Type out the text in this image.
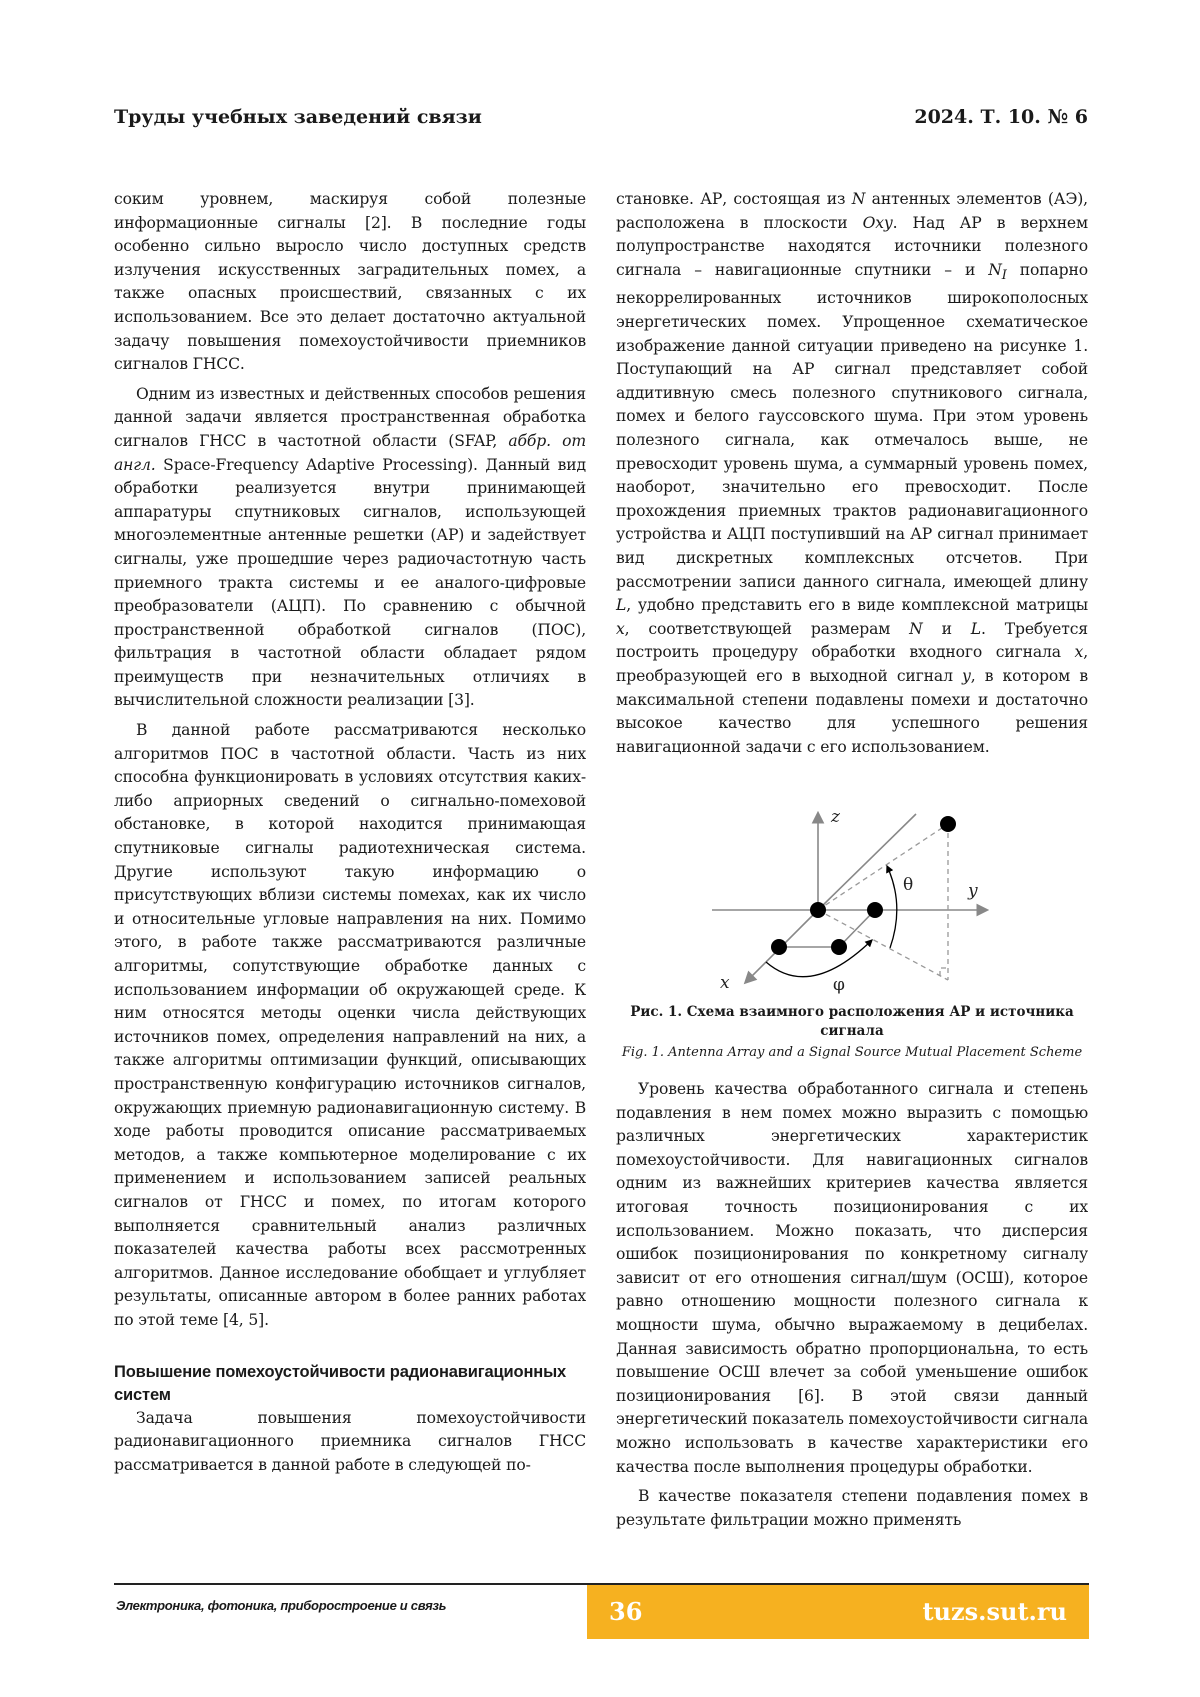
Труды учебных заведений связи	2024. Т. 10. № 6

соким уровнем, маскируя собой полезные информационные сигналы [2]. В последние годы особенно сильно выросло число доступных средств излучения искусственных заградительных помех, а также опасных происшествий, связанных с их использованием. Все это делает достаточно актуальной задачу повышения помехоустойчивости приемников сигналов ГНСС.

Одним из известных и действенных способов решения данной задачи является пространственная обработка сигналов ГНСС в частотной области (SFAP, аббр. от англ. Space-Frequency Adaptive Processing). Данный вид обработки реализуется внутри принимающей аппаратуры спутниковых сигналов, использующей многоэлементные антенные решетки (АР) и задействует сигналы, уже прошедшие через радиочастотную часть приемного тракта системы и ее аналого-цифровые преобразователи (АЦП). По сравнению с обычной пространственной обработкой сигналов (ПОС), фильтрация в частотной области обладает рядом преимуществ при незначительных отличиях в вычислительной сложности реализации [3].

В данной работе рассматриваются несколько алгоритмов ПОС в частотной области. Часть из них способна функционировать в условиях отсутствия каких-либо априорных сведений о сигнально-помеховой обстановке, в которой находится принимающая спутниковые сигналы радиотехническая система. Другие используют такую информацию о присутствующих вблизи системы помехах, как их число и относительные угловые направления на них. Помимо этого, в работе также рассматриваются различные алгоритмы, сопутствующие обработке данных с использованием информации об окружающей среде. К ним относятся методы оценки числа действующих источников помех, определения направлений на них, а также алгоритмы оптимизации функций, описывающих пространственную конфигурацию источников сигналов, окружающих приемную радионавигационную систему. В ходе работы проводится описание рассматриваемых методов, а также компьютерное моделирование с их применением и использованием записей реальных сигналов от ГНСС и помех, по итогам которого выполняется сравнительный анализ различных показателей качества работы всех рассмотренных алгоритмов. Данное исследование обобщает и углубляет результаты, описанные автором в более ранних работах по этой теме [4, 5].

Повышение помехоустойчивости радионавигационных систем

Задача повышения помехоустойчивости радионавигационного приемника сигналов ГНСС рассматривается в данной работе в следующей по-

становке. АР, состоящая из N антенных элементов (АЭ), расположена в плоскости Oxy. Над АР в верхнем полупространстве находятся источники полезного сигнала – навигационные спутники – и NI попарно некоррелированных источников широкополосных энергетических помех. Упрощенное схематическое изображение данной ситуации приведено на рисунке 1. Поступающий на АР сигнал представляет собой аддитивную смесь полезного спутникового сигнала, помех и белого гауссовского шума. При этом уровень полезного сигнала, как отмечалось выше, не превосходит уровень шума, а суммарный уровень помех, наоборот, значительно его превосходит. После прохождения приемных трактов радионавигационного устройства и АЦП поступивший на АР сигнал принимает вид дискретных комплексных отсчетов. При рассмотрении записи данного сигнала, имеющей длину L, удобно представить его в виде комплексной матрицы x, соответствующей размерам N и L. Требуется построить процедуру обработки входного сигнала x, преобразующей его в выходной сигнал y, в котором в максимальной степени подавлены помехи и достаточно высокое качество для успешного решения навигационной задачи с его использованием.

z
y
x
θ
φ
Рис. 1. Схема взаимного расположения АР и источника сигнала
Fig. 1. Antenna Array and a Signal Source Mutual Placement Scheme

Уровень качества обработанного сигнала и степень подавления в нем помех можно выразить с помощью различных энергетических характеристик помехоустойчивости. Для навигационных сигналов одним из важнейших критериев качества является итоговая точность позиционирования с их использованием. Можно показать, что дисперсия ошибок позиционирования по конкретному сигналу зависит от его отношения сигнал/шум (ОСШ), которое равно отношению мощности полезного сигнала к мощности шума, обычно выражаемому в децибелах. Данная зависимость обратно пропорциональна, то есть повышение ОСШ влечет за собой уменьшение ошибок позиционирования [6]. В этой связи данный энергетический показатель помехоустойчивости сигнала можно использовать в качестве характеристики его качества после выполнения процедуры обработки.

В качестве показателя степени подавления помех в результате фильтрации можно применять

Электроника, фотоника, приборостроение и связь	36	tuzs.sut.ru
